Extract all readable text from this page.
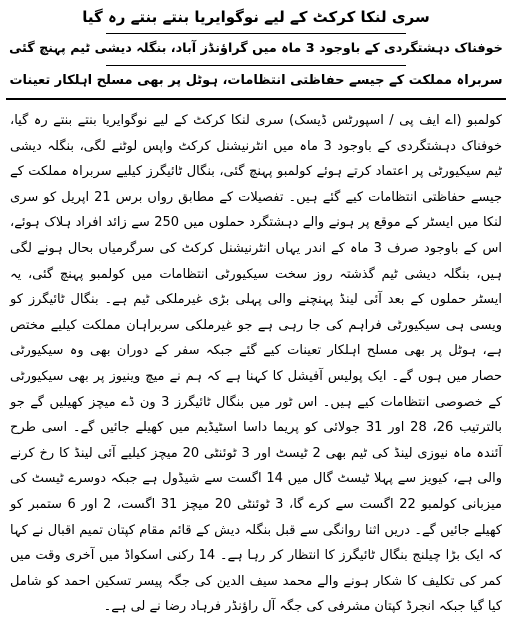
سری لنکا کرکٹ کے لیے نوگوایریا بنتے بنتے رہ گیا
خوفناک دہشتگردی کے باوجود 3 ماہ میں گراؤنڈز آباد، بنگلہ دیشی ٹیم پہنچ گئی
سربراہ مملکت کے جیسے حفاظتی انتظامات، ہوٹل پر بھی مسلح اہلکار تعینات

کولمبو (اے ایف پی / اسپورٹس ڈیسک) سری لنکا کرکٹ کے لیے نوگوایریا بنتے بنتے رہ گیا، خوفناک دہشتگردی کے باوجود 3 ماہ میں انٹرنیشنل کرکٹ واپس لوٹنے لگی، بنگلہ دیشی ٹیم سیکیورٹی پر اعتماد کرتے ہوئے کولمبو پہنچ گئی، بنگال ٹائیگرز کیلیے سربراہ مملکت کے جیسے حفاظتی انتظامات کیے گئے ہیں۔ تفصیلات کے مطابق رواں برس 21 اپریل کو سری لنکا میں ایسٹر کے موقع پر ہونے والے دہشتگرد حملوں میں 250 سے زائد افراد ہلاک ہوئے، اس کے باوجود صرف 3 ماہ کے اندر یہاں انٹرنیشنل کرکٹ کی سرگرمیاں بحال ہونے لگی ہیں، بنگلہ دیشی ٹیم گذشتہ روز سخت سیکیورٹی انتظامات میں کولمبو پہنچ گئی، یہ ایسٹر حملوں کے بعد آئی لینڈ پہنچنے والی پہلی بڑی غیرملکی ٹیم ہے۔ بنگال ٹائیگرز کو ویسی ہی سیکیورٹی فراہم کی جا رہی ہے جو غیرملکی سربراہان مملکت کیلیے مختص ہے، ہوٹل پر بھی مسلح اہلکار تعینات کیے گئے جبکہ سفر کے دوران بھی وہ سیکیورٹی حصار میں ہوں گے۔ ایک پولیس آفیشل کا کہنا ہے کہ ہم نے میچ وینیوز پر بھی سیکیورٹی کے خصوصی انتظامات کیے ہیں۔ اس ٹور میں بنگال ٹائیگرز 3 ون ڈے میچز کھیلیں گے جو بالترتیب 26، 28 اور 31 جولائی کو پریما داسا اسٹیڈیم میں کھیلے جائیں گے۔ اسی طرح آئندہ ماہ نیوزی لینڈ کی ٹیم بھی 2 ٹیسٹ اور 3 ٹوئنٹی 20 میچز کیلیے آئی لینڈ کا رخ کرنے والی ہے، کیویز سے پہلا ٹیسٹ گال میں 14 اگست سے شیڈول ہے جبکہ دوسرے ٹیسٹ کی میزبانی کولمبو 22 اگست سے کرے گا، 3 ٹوئنٹی 20 میچز 31 اگست، 2 اور 6 ستمبر کو کھیلے جائیں گے۔ دریں اثنا روانگی سے قبل بنگلہ دیش کے قائم مقام کپتان تمیم اقبال نے کہا کہ ایک بڑا چیلنج بنگال ٹائیگرز کا انتظار کر رہا ہے۔ 14 رکنی اسکواڈ میں آخری وقت میں کمر کی تکلیف کا شکار ہونے والے محمد سیف الدین کی جگہ پیسر تسکین احمد کو شامل کیا گیا جبکہ انجرڈ کپتان مشرفی کی جگہ آل راؤنڈر فرہاد رضا نے لی ہے۔
